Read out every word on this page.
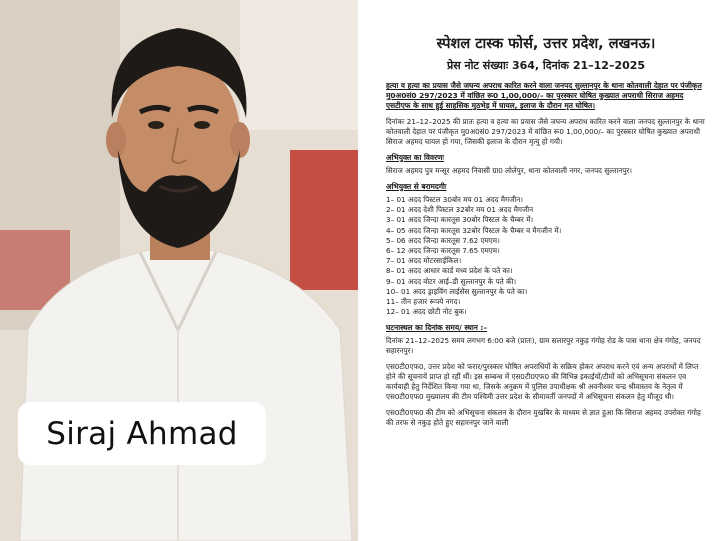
Siraj Ahmad

स्पेशल टास्क फोर्स, उत्तर प्रदेश, लखनऊ।

प्रेस नोट संख्याः 364, दिनांक 21–12–2025

हत्या व हत्या का प्रयास जैसे जघन्य अपराध कारित करने वाला जनपद सुल्तानपुर के थाना कोतवाली देहात पर पंजीकृत मु0अ0सं0 297/2023 में वांछित रू0 1,00,000/– का पुरस्कार घोषित कुख्यात अपराधी सिराज अहमद एसटीएफ के साथ हुई साहसिक मुठभेड़ में घायल, इलाज के दौरान मृत घोषित।

दिनांकः 21–12–2025 की प्रातः हत्या व हत्या का प्रयास जैसे जघन्य अपराध कारित करने वाला जनपद सुल्तानपुर के थाना कोतवाली देहात पर पंजीकृत मु0अ0सं0 297/2023 में वांछित रू0 1,00,000/– का पुरस्कार घोषित कुख्यात अपराधी सिराज अहमद घायल हो गया, जिसकी इलाज के दौरान मृत्यु हो गयी।

अभियुक्त का विवरणः

सिराज अहमद पुत्र मन्सूर अहमद निवासी ग्रा0 लोलेपुर, थाना कोतवाली नगर, जनपद सुल्तानपुर।

अभियुक्त से बरामदगीः

1– 01 अदद पिस्टल 30बोर मय 01 अदद मैगजीन।
2– 01 अदद देशी पिस्टल 32बोर मय 01 अदद मैगजीन
3– 01 अदद जिन्दा कारतूस 30बोर पिस्टल के चैम्बर में।
4– 05 अदद जिन्दा कारतूस 32बोर पिस्टल के चैम्बर व मैगजीन में।
5– 06 अदद जिन्दा कारतूस 7.62 एमएम।
6– 12 अदद जिन्दा कारतूस 7.65 एमएम।
7– 01 अदद मोटरसाईकिल।
8– 01 अदद आधार कार्ड मध्य प्रदेश के पते का।
9– 01 अदद वोटर आई–डी सुल्तानपुर के पते की।
10– 01 अदद ड्राइविंग लाईसेंस सुल्तानपुर के पते का।
11– तीन हजार रूपये नगद।
12– 01 अदद छोटी नोट बुक।

घटनास्थल का दिनांक समय/ स्थान :–

दिनांक 21–12–2025 समय लगभग 6:00 बजे (प्रातः), ग्राम सलारपुर नकुड़ गंगोह रोड के पास थाना क्षेत्र गंगोह, जनपद सहारनपुर।

एस0टी0एफ0, उत्तर प्रदेश को फरार/पुरस्कार घोषित अपराधियों के सक्रिय होकर अपराध करने एवं अन्य अपराधों में लिप्त होने की सूचनायें प्राप्त हो रहीं थीं। इस सम्बन्ध में एस0टी0एफ0 की विभिन्न इकाईयों/टीमों को अभिसूचना संकलन एव कार्यवाही हेतु निर्देशित किया गया था, जिसके अनुक्रम में पुलिस उपाधीक्षक श्री अवनीश्वर चन्द्र श्रीवास्तव के नेतृत्व में एस0टी0एफ0 मुख्यालय की टीम पश्चिमी उत्तर प्रदेश के सीमावर्ती जनपदों में अभिसूचना संकलन हेतु मौजूद थी।

एस0टी0एफ0 की टीम को अभिसूचना संकलन के दौरान मुखबिर के माध्यम से ज्ञात हुआ कि सिराज अहमद उपरोक्त गंगोह की तरफ से नकुड़ होते हुए सहारनपुर जाने वाली
